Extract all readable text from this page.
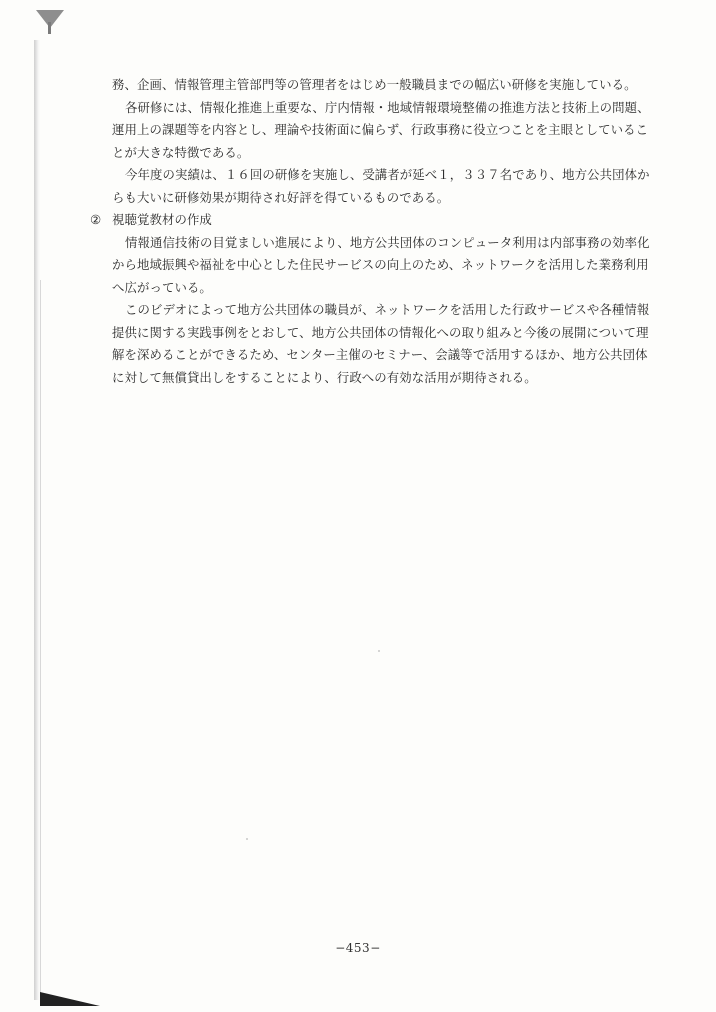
務、企画、情報管理主管部門等の管理者をはじめ一般職員までの幅広い研修を実施している。
各研修には、情報化推進上重要な、庁内情報・地域情報環境整備の推進方法と技術上の問題、
運用上の課題等を内容とし、理論や技術面に偏らず、行政事務に役立つことを主眼としているこ
とが大きな特徴である。
今年度の実績は、１６回の研修を実施し、受講者が延べ１，３３７名であり、地方公共団体か
らも大いに研修効果が期待され好評を得ているものである。
② 視聴覚教材の作成
情報通信技術の目覚ましい進展により、地方公共団体のコンピュータ利用は内部事務の効率化
から地域振興や福祉を中心とした住民サービスの向上のため、ネットワークを活用した業務利用
へ広がっている。
このビデオによって地方公共団体の職員が、ネットワークを活用した行政サービスや各種情報
提供に関する実践事例をとおして、地方公共団体の情報化への取り組みと今後の展開について理
解を深めることができるため、センター主催のセミナー、会議等で活用するほか、地方公共団体
に対して無償貸出しをすることにより、行政への有効な活用が期待される。
−453−
